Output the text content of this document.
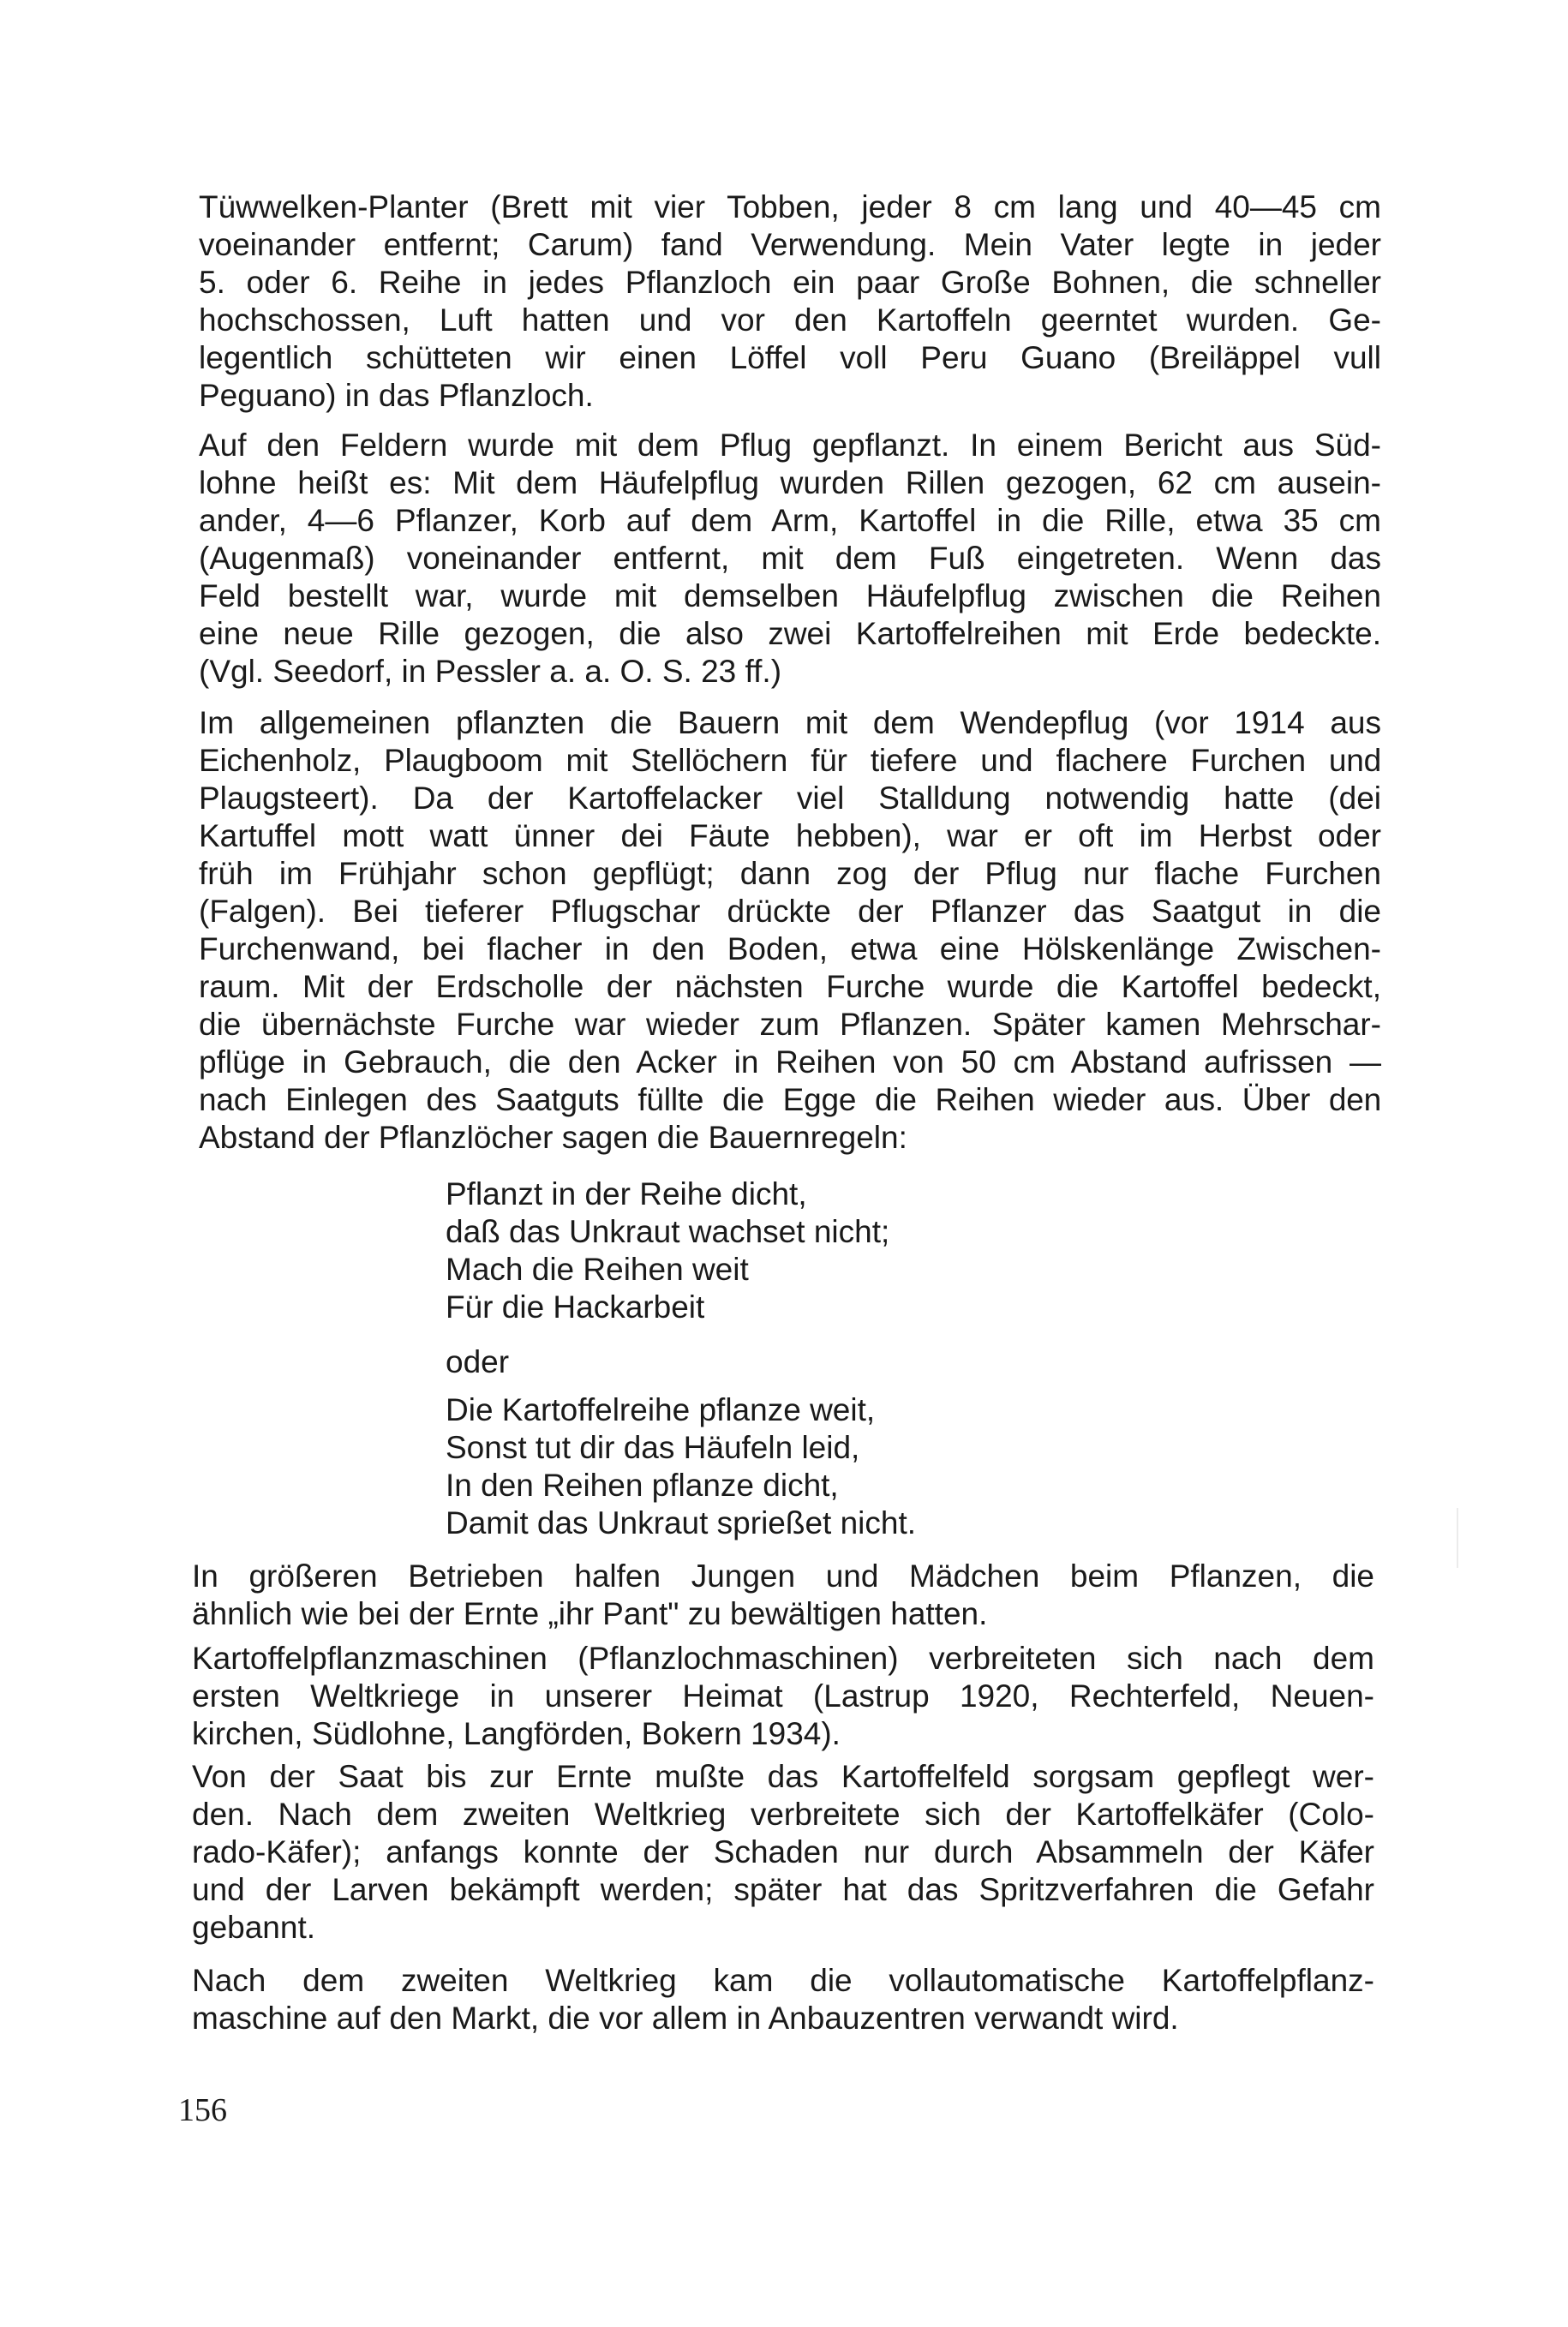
Tüwwelken-Planter (Brett mit vier Tobben, jeder 8 cm lang und 40—45 cm
voeinander entfernt; Carum) fand Verwendung. Mein Vater legte in jeder
5. oder 6. Reihe in jedes Pflanzloch ein paar Große Bohnen, die schneller
hochschossen, Luft hatten und vor den Kartoffeln geerntet wurden. Ge-
legentlich schütteten wir einen Löffel voll Peru Guano (Breiläppel vull
Peguano) in das Pflanzloch.
Auf den Feldern wurde mit dem Pflug gepflanzt. In einem Bericht aus Süd-
lohne heißt es: Mit dem Häufelpflug wurden Rillen gezogen, 62 cm ausein-
ander, 4—6 Pflanzer, Korb auf dem Arm, Kartoffel in die Rille, etwa 35 cm
(Augenmaß) voneinander entfernt, mit dem Fuß eingetreten. Wenn das
Feld bestellt war, wurde mit demselben Häufelpflug zwischen die Reihen
eine neue Rille gezogen, die also zwei Kartoffelreihen mit Erde bedeckte.
(Vgl. Seedorf, in Pessler a. a. O. S. 23 ff.)
Im allgemeinen pflanzten die Bauern mit dem Wendepflug (vor 1914 aus
Eichenholz, Plaugboom mit Stellöchern für tiefere und flachere Furchen und
Plaugsteert). Da der Kartoffelacker viel Stalldung notwendig hatte (dei
Kartuffel mott watt ünner dei Fäute hebben), war er oft im Herbst oder
früh im Frühjahr schon gepflügt; dann zog der Pflug nur flache Furchen
(Falgen). Bei tieferer Pflugschar drückte der Pflanzer das Saatgut in die
Furchenwand, bei flacher in den Boden, etwa eine Hölskenlänge Zwischen-
raum. Mit der Erdscholle der nächsten Furche wurde die Kartoffel bedeckt,
die übernächste Furche war wieder zum Pflanzen. Später kamen Mehrschar-
pflüge in Gebrauch, die den Acker in Reihen von 50 cm Abstand aufrissen —
nach Einlegen des Saatguts füllte die Egge die Reihen wieder aus. Über den
Abstand der Pflanzlöcher sagen die Bauernregeln:
Pflanzt in der Reihe dicht,
daß das Unkraut wachset nicht;
Mach die Reihen weit
Für die Hackarbeit
oder
Die Kartoffelreihe pflanze weit,
Sonst tut dir das Häufeln leid,
In den Reihen pflanze dicht,
Damit das Unkraut sprießet nicht.
In größeren Betrieben halfen Jungen und Mädchen beim Pflanzen, die
ähnlich wie bei der Ernte „ihr Pant" zu bewältigen hatten.
Kartoffelpflanzmaschinen (Pflanzlochmaschinen) verbreiteten sich nach dem
ersten Weltkriege in unserer Heimat (Lastrup 1920, Rechterfeld, Neuen-
kirchen, Südlohne, Langförden, Bokern 1934).
Von der Saat bis zur Ernte mußte das Kartoffelfeld sorgsam gepflegt wer-
den. Nach dem zweiten Weltkrieg verbreitete sich der Kartoffelkäfer (Colo-
rado-Käfer); anfangs konnte der Schaden nur durch Absammeln der Käfer
und der Larven bekämpft werden; später hat das Spritzverfahren die Gefahr
gebannt.
Nach dem zweiten Weltkrieg kam die vollautomatische Kartoffelpflanz-
maschine auf den Markt, die vor allem in Anbauzentren verwandt wird.
156
